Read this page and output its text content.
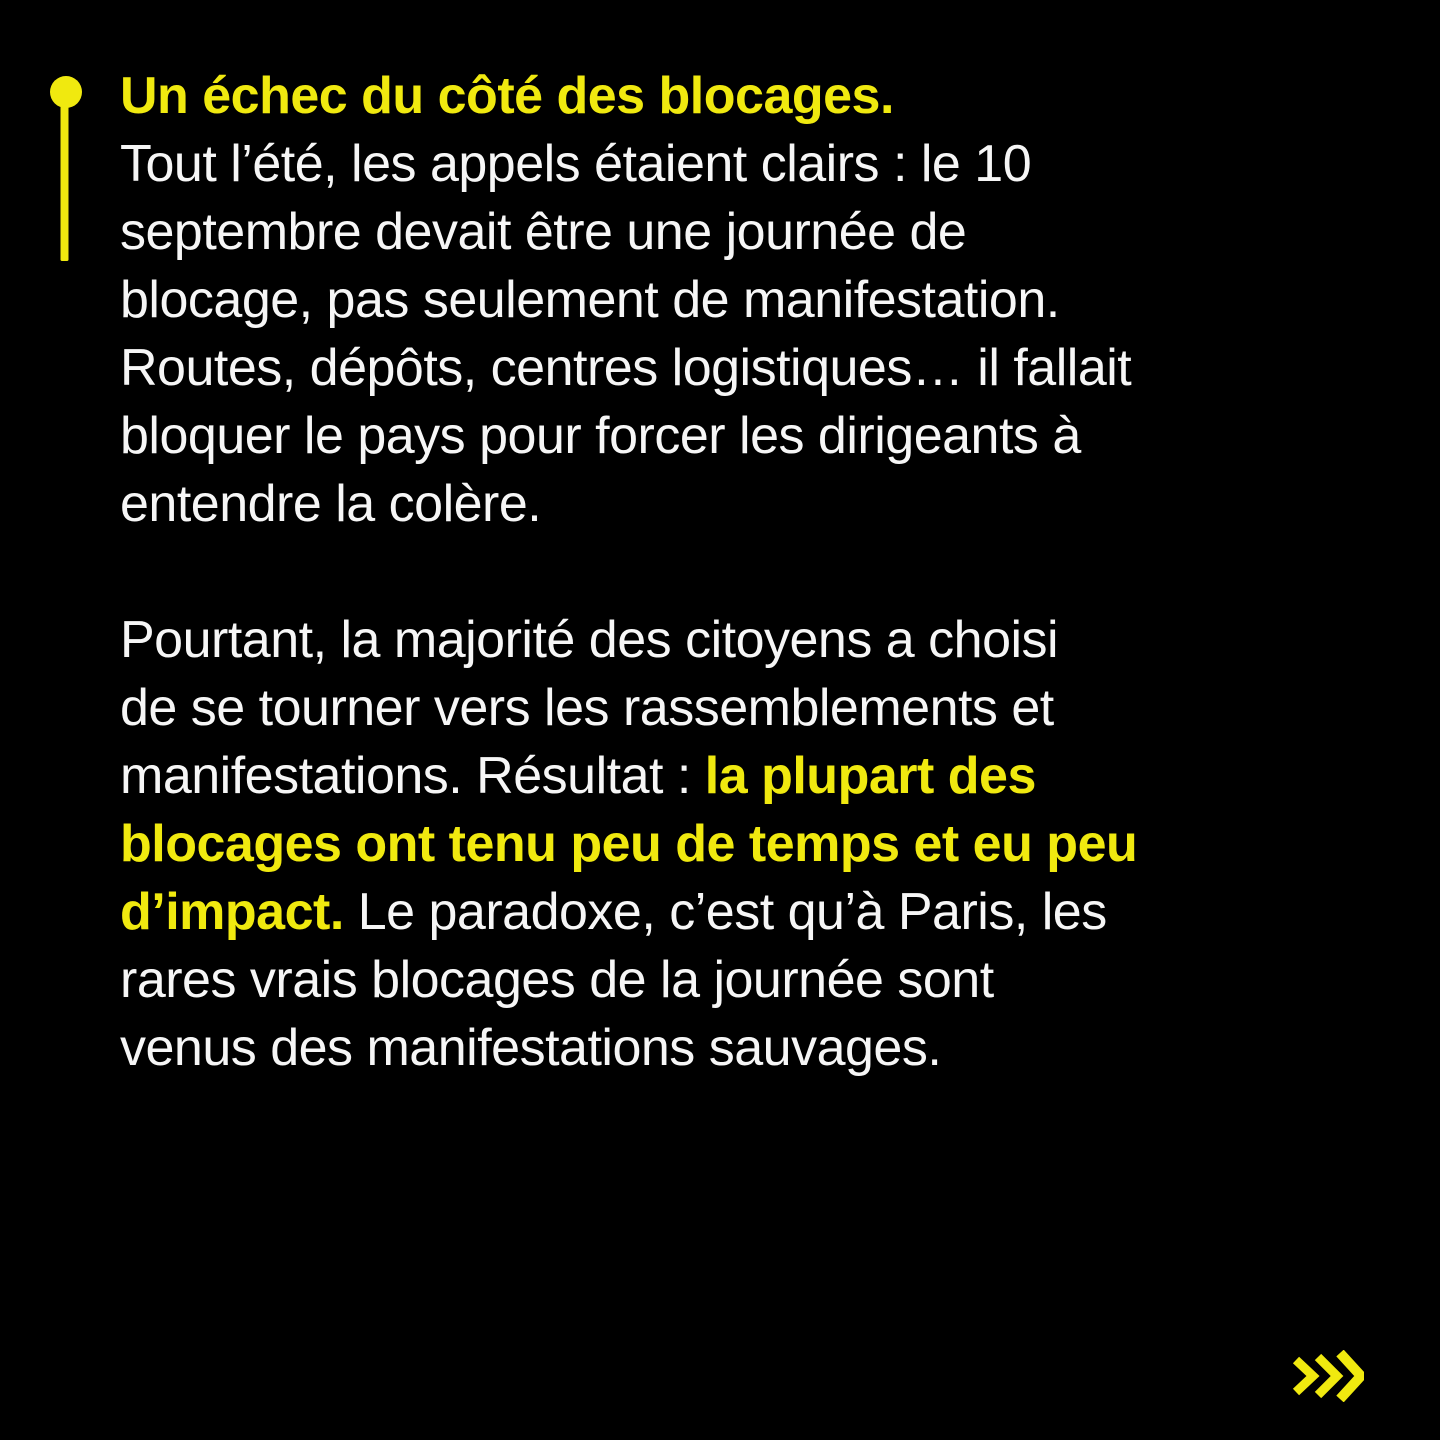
Un échec du côté des blocages.
Tout l’été, les appels étaient clairs : le 10
septembre devait être une journée de
blocage, pas seulement de manifestation.
Routes, dépôts, centres logistiques… il fallait
bloquer le pays pour forcer les dirigeants à
entendre la colère.
Pourtant, la majorité des citoyens a choisi
de se tourner vers les rassemblements et
manifestations. Résultat : la plupart des
blocages ont tenu peu de temps et eu peu
d’impact. Le paradoxe, c’est qu’à Paris, les
rares vrais blocages de la journée sont
venus des manifestations sauvages.
